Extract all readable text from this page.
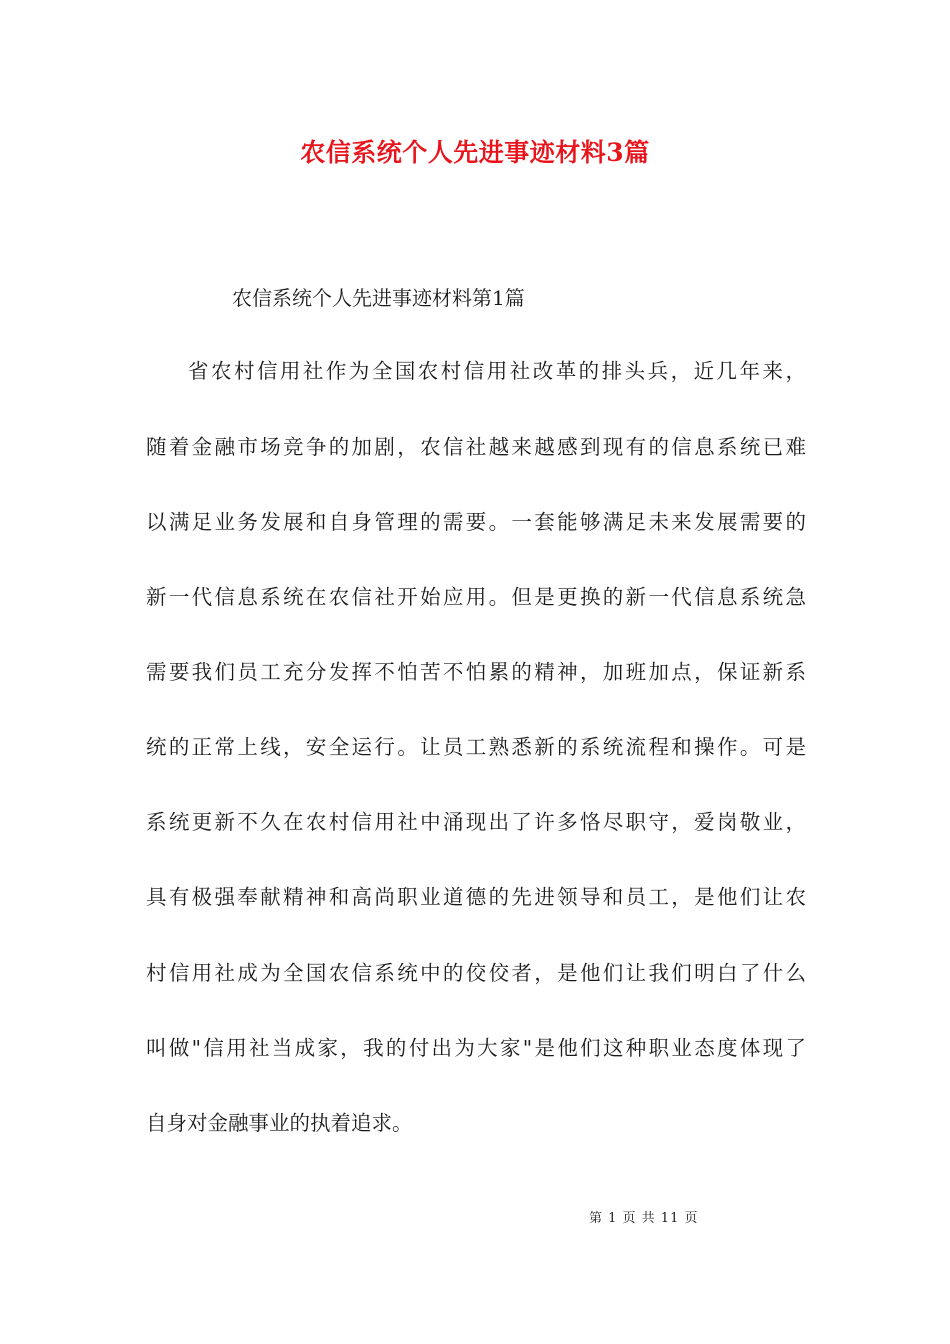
农信系统个人先进事迹材料3篇
农信系统个人先进事迹材料第1篇
省农村信用社作为全国农村信用社改革的排头兵，近几年来，
随着金融市场竞争的加剧，农信社越来越感到现有的信息系统已难
以满足业务发展和自身管理的需要。一套能够满足未来发展需要的
新一代信息系统在农信社开始应用。但是更换的新一代信息系统急
需要我们员工充分发挥不怕苦不怕累的精神，加班加点，保证新系
统的正常上线，安全运行。让员工熟悉新的系统流程和操作。可是
系统更新不久在农村信用社中涌现出了许多恪尽职守，爱岗敬业，
具有极强奉献精神和高尚职业道德的先进领导和员工，是他们让农
村信用社成为全国农信系统中的佼佼者，是他们让我们明白了什么
叫做"信用社当成家，我的付出为大家"是他们这种职业态度体现了
自身对金融事业的执着追求。
第 1 页 共 11 页
